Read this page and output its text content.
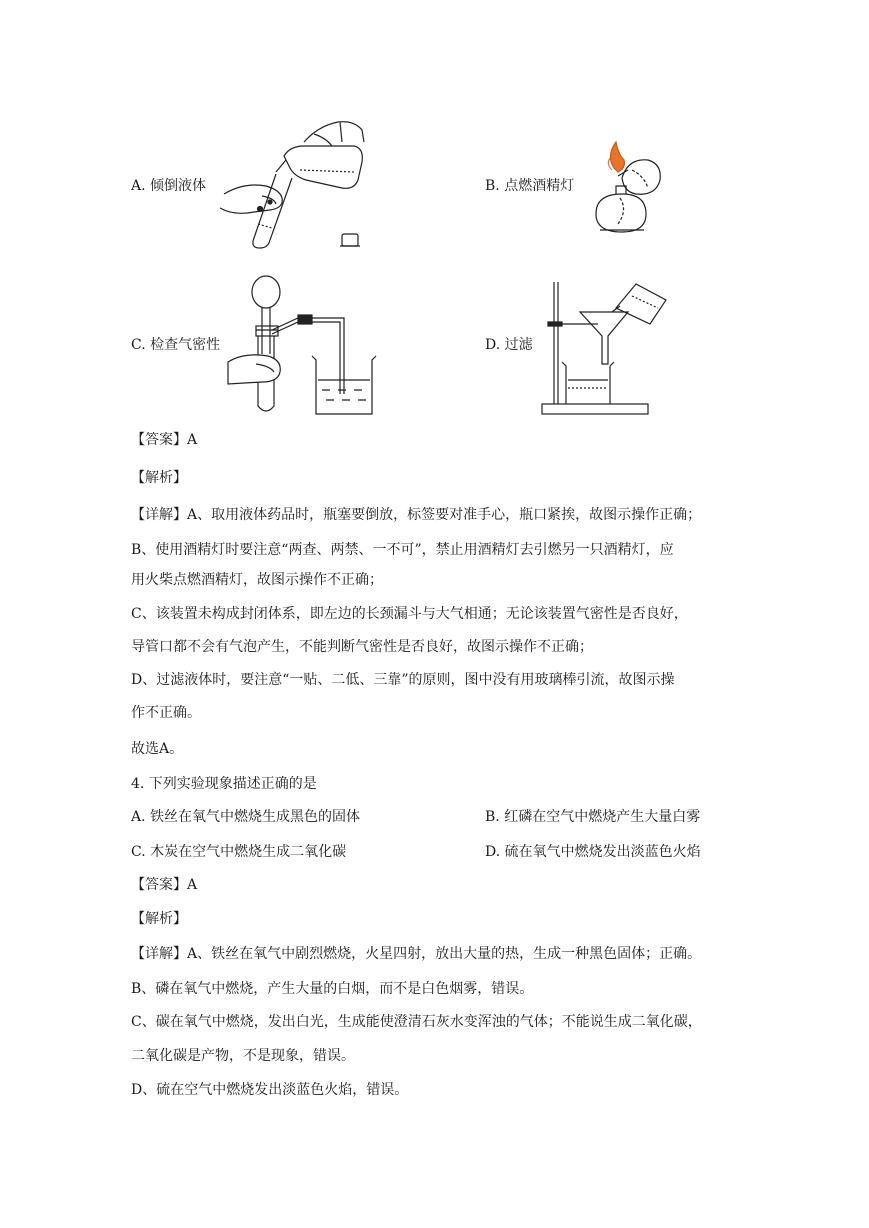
A. 倾倒液体	B. 点燃酒精灯
C. 检查气密性	D. 过滤
【答案】A
【解析】
【详解】A、取用液体药品时，瓶塞要倒放，标签要对准手心，瓶口紧挨，故图示操作正确；
B、使用酒精灯时要注意“两查、两禁、一不可”，禁止用酒精灯去引燃另一只酒精灯，应
用火柴点燃酒精灯，故图示操作不正确；
C、该装置未构成封闭体系，即左边的长颈漏斗与大气相通；无论该装置气密性是否良好，
导管口都不会有气泡产生，不能判断气密性是否良好，故图示操作不正确；
D、过滤液体时，要注意“一贴、二低、三靠”的原则，图中没有用玻璃棒引流，故图示操
作不正确。
故选A。
4. 下列实验现象描述正确的是
A. 铁丝在氧气中燃烧生成黑色的固体	B. 红磷在空气中燃烧产生大量白雾
C. 木炭在空气中燃烧生成二氧化碳	D. 硫在氧气中燃烧发出淡蓝色火焰
【答案】A
【解析】
【详解】A、铁丝在氧气中剧烈燃烧，火星四射，放出大量的热，生成一种黑色固体；正确。
B、磷在氧气中燃烧，产生大量的白烟，而不是白色烟雾，错误。
C、碳在氧气中燃烧，发出白光，生成能使澄清石灰水变浑浊的气体；不能说生成二氧化碳，
二氧化碳是产物，不是现象，错误。
D、硫在空气中燃烧发出淡蓝色火焰，错误。
